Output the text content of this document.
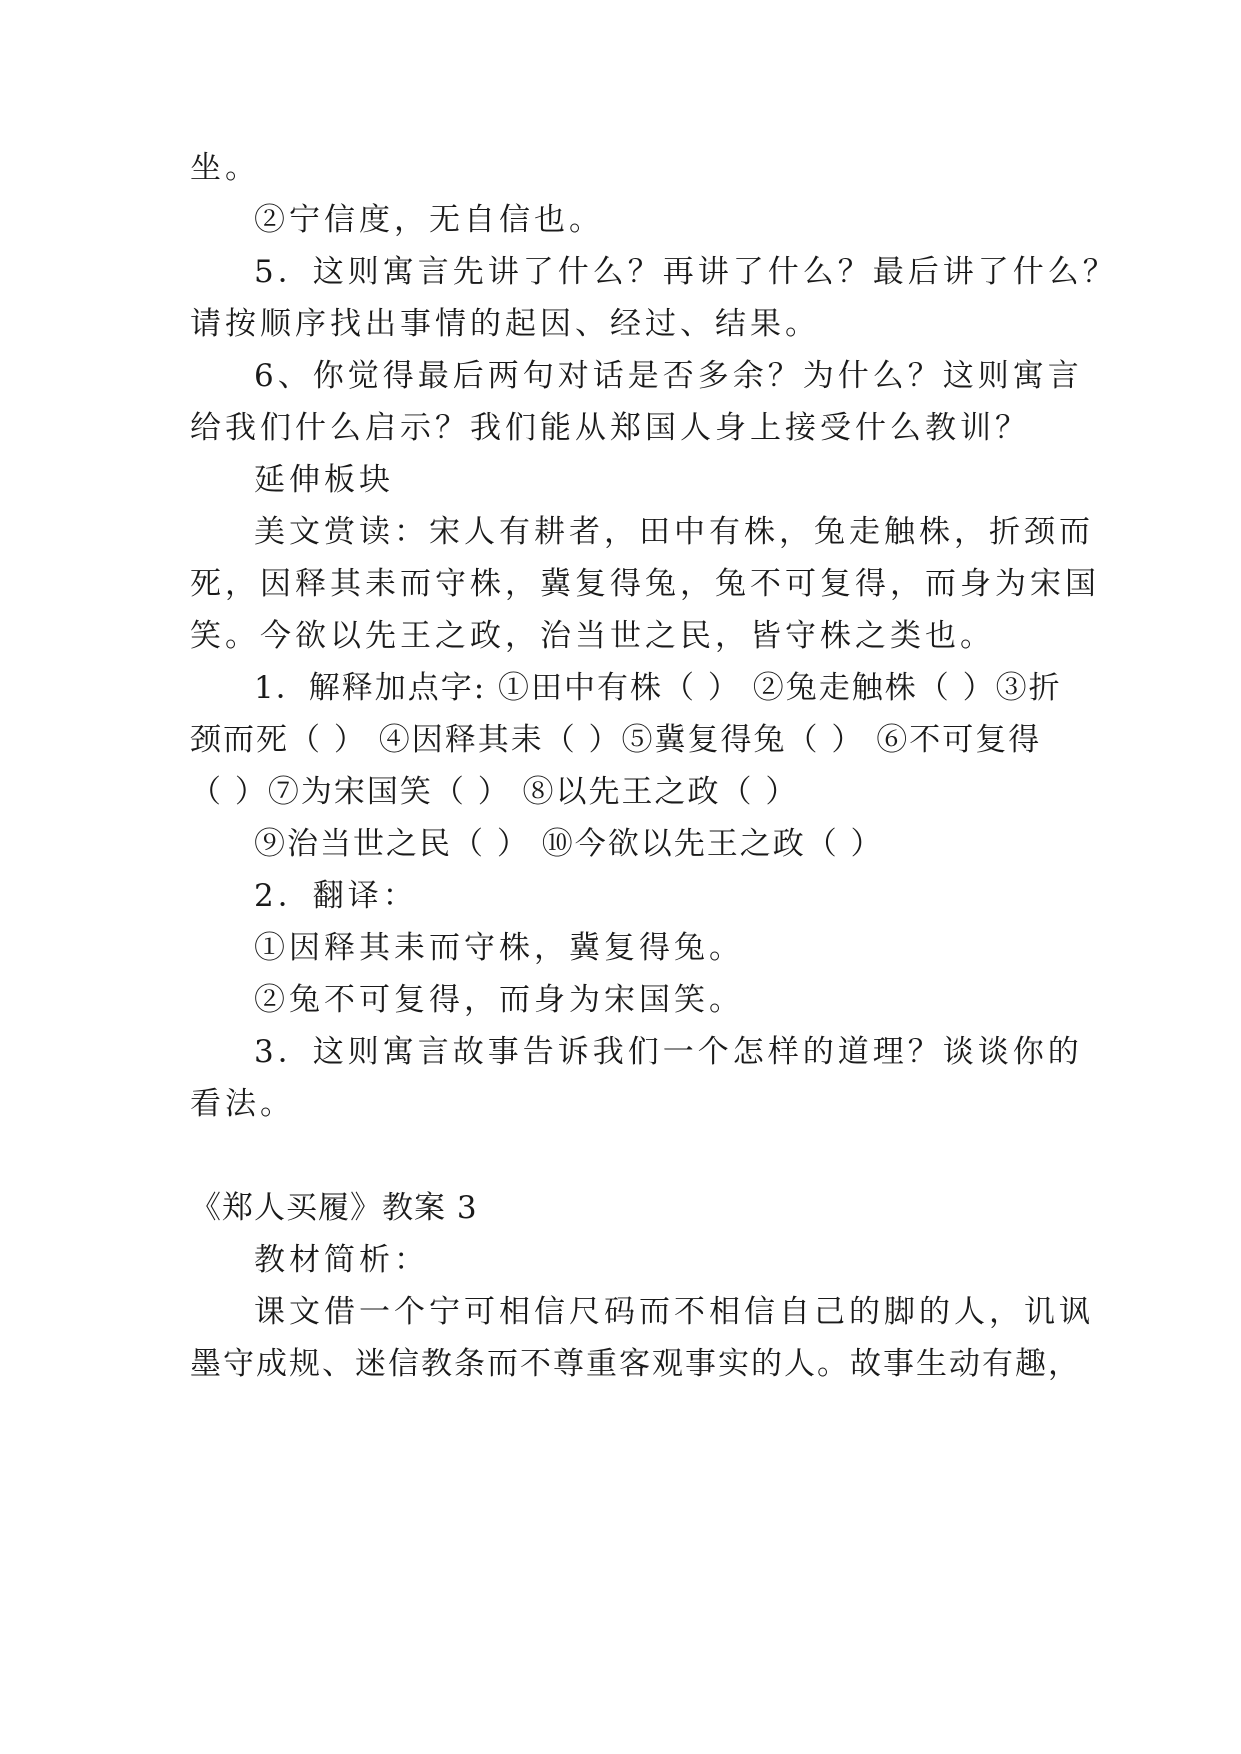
坐。
②宁信度，无自信也。
5．这则寓言先讲了什么？再讲了什么？最后讲了什么？
请按顺序找出事情的起因、经过、结果。
6、你觉得最后两句对话是否多余？为什么？这则寓言
给我们什么启示？我们能从郑国人身上接受什么教训？
延伸板块
美文赏读：宋人有耕者，田中有株，兔走触株，折颈而
死，因释其耒而守株，冀复得兔，兔不可复得，而身为宋国
笑。今欲以先王之政，治当世之民，皆守株之类也。
1．解释加点字: ①田中有株（ ） ②兔走触株（ ）③折
颈而死（ ） ④因释其耒（ ）⑤冀复得兔（ ） ⑥不可复得
（ ）⑦为宋国笑（ ） ⑧以先王之政（ ）
⑨治当世之民（ ） ⑩今欲以先王之政（ ）
2．翻译：
①因释其耒而守株，冀复得兔。
②兔不可复得，而身为宋国笑。
3．这则寓言故事告诉我们一个怎样的道理？谈谈你的
看法。
《郑人买履》教案 3
教材简析：
课文借一个宁可相信尺码而不相信自己的脚的人，讥讽
墨守成规、迷信教条而不尊重客观事实的人。故事生动有趣，
